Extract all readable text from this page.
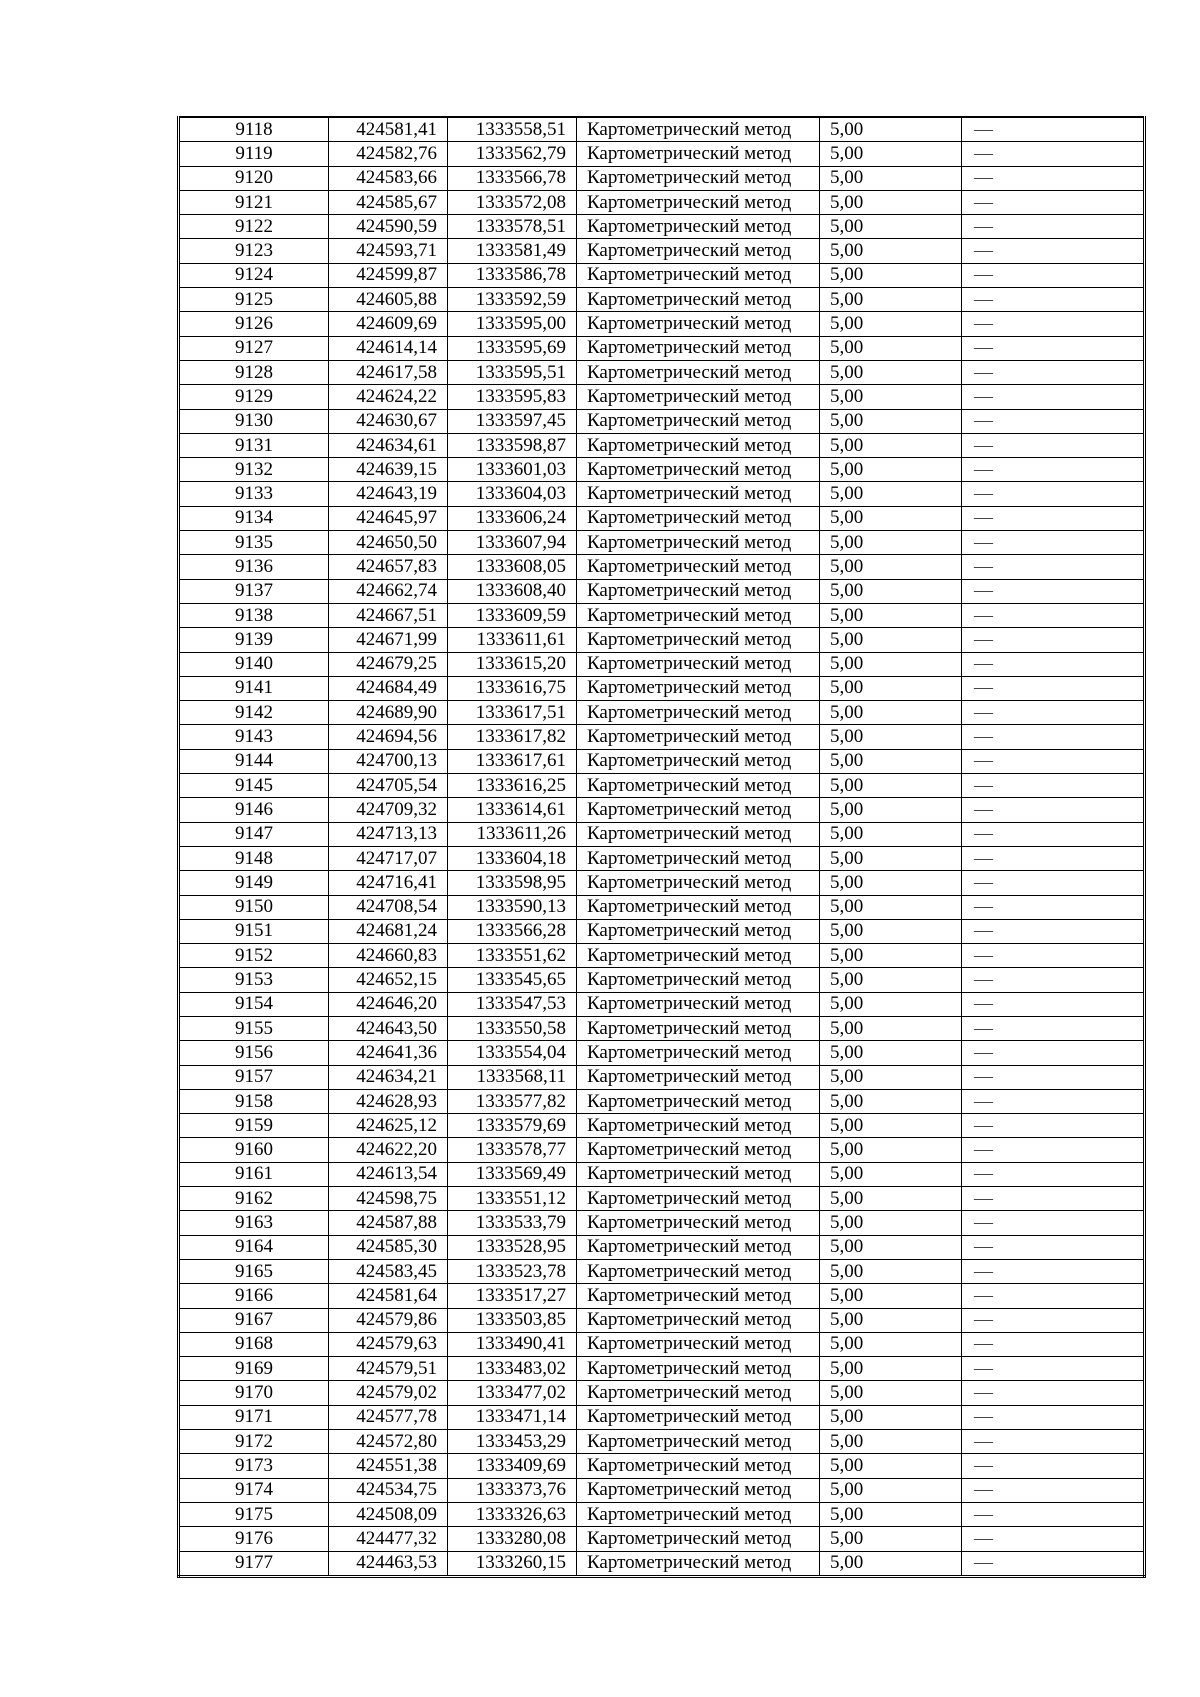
9118	424581,41	1333558,51	Картометрический метод	5,00	—
9119	424582,76	1333562,79	Картометрический метод	5,00	—
9120	424583,66	1333566,78	Картометрический метод	5,00	—
9121	424585,67	1333572,08	Картометрический метод	5,00	—
9122	424590,59	1333578,51	Картометрический метод	5,00	—
9123	424593,71	1333581,49	Картометрический метод	5,00	—
9124	424599,87	1333586,78	Картометрический метод	5,00	—
9125	424605,88	1333592,59	Картометрический метод	5,00	—
9126	424609,69	1333595,00	Картометрический метод	5,00	—
9127	424614,14	1333595,69	Картометрический метод	5,00	—
9128	424617,58	1333595,51	Картометрический метод	5,00	—
9129	424624,22	1333595,83	Картометрический метод	5,00	—
9130	424630,67	1333597,45	Картометрический метод	5,00	—
9131	424634,61	1333598,87	Картометрический метод	5,00	—
9132	424639,15	1333601,03	Картометрический метод	5,00	—
9133	424643,19	1333604,03	Картометрический метод	5,00	—
9134	424645,97	1333606,24	Картометрический метод	5,00	—
9135	424650,50	1333607,94	Картометрический метод	5,00	—
9136	424657,83	1333608,05	Картометрический метод	5,00	—
9137	424662,74	1333608,40	Картометрический метод	5,00	—
9138	424667,51	1333609,59	Картометрический метод	5,00	—
9139	424671,99	1333611,61	Картометрический метод	5,00	—
9140	424679,25	1333615,20	Картометрический метод	5,00	—
9141	424684,49	1333616,75	Картометрический метод	5,00	—
9142	424689,90	1333617,51	Картометрический метод	5,00	—
9143	424694,56	1333617,82	Картометрический метод	5,00	—
9144	424700,13	1333617,61	Картометрический метод	5,00	—
9145	424705,54	1333616,25	Картометрический метод	5,00	—
9146	424709,32	1333614,61	Картометрический метод	5,00	—
9147	424713,13	1333611,26	Картометрический метод	5,00	—
9148	424717,07	1333604,18	Картометрический метод	5,00	—
9149	424716,41	1333598,95	Картометрический метод	5,00	—
9150	424708,54	1333590,13	Картометрический метод	5,00	—
9151	424681,24	1333566,28	Картометрический метод	5,00	—
9152	424660,83	1333551,62	Картометрический метод	5,00	—
9153	424652,15	1333545,65	Картометрический метод	5,00	—
9154	424646,20	1333547,53	Картометрический метод	5,00	—
9155	424643,50	1333550,58	Картометрический метод	5,00	—
9156	424641,36	1333554,04	Картометрический метод	5,00	—
9157	424634,21	1333568,11	Картометрический метод	5,00	—
9158	424628,93	1333577,82	Картометрический метод	5,00	—
9159	424625,12	1333579,69	Картометрический метод	5,00	—
9160	424622,20	1333578,77	Картометрический метод	5,00	—
9161	424613,54	1333569,49	Картометрический метод	5,00	—
9162	424598,75	1333551,12	Картометрический метод	5,00	—
9163	424587,88	1333533,79	Картометрический метод	5,00	—
9164	424585,30	1333528,95	Картометрический метод	5,00	—
9165	424583,45	1333523,78	Картометрический метод	5,00	—
9166	424581,64	1333517,27	Картометрический метод	5,00	—
9167	424579,86	1333503,85	Картометрический метод	5,00	—
9168	424579,63	1333490,41	Картометрический метод	5,00	—
9169	424579,51	1333483,02	Картометрический метод	5,00	—
9170	424579,02	1333477,02	Картометрический метод	5,00	—
9171	424577,78	1333471,14	Картометрический метод	5,00	—
9172	424572,80	1333453,29	Картометрический метод	5,00	—
9173	424551,38	1333409,69	Картометрический метод	5,00	—
9174	424534,75	1333373,76	Картометрический метод	5,00	—
9175	424508,09	1333326,63	Картометрический метод	5,00	—
9176	424477,32	1333280,08	Картометрический метод	5,00	—
9177	424463,53	1333260,15	Картометрический метод	5,00	—
